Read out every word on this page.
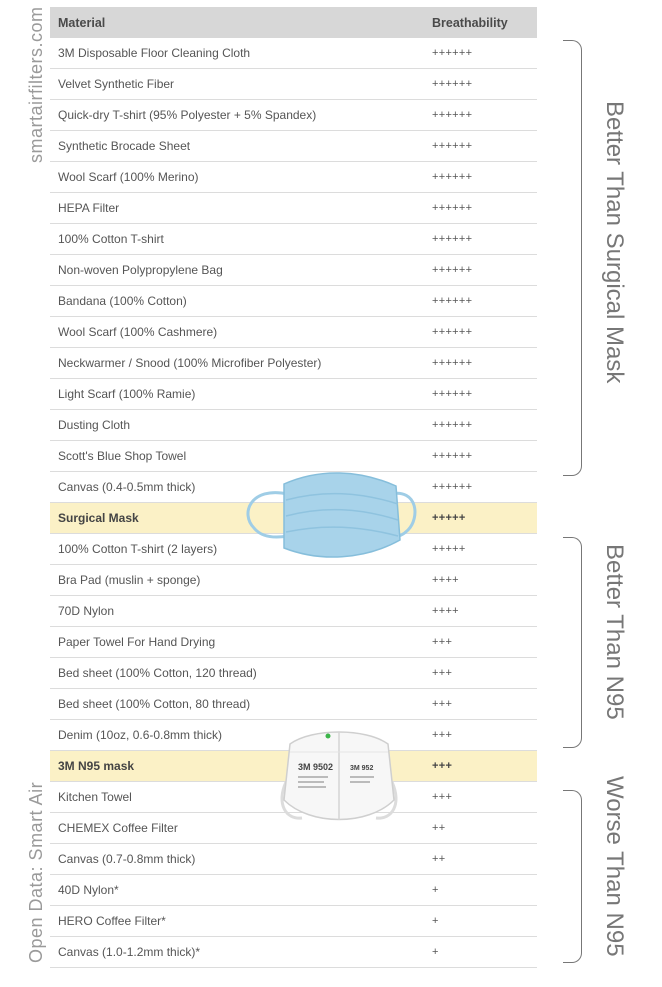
smartairfilters.com
Open Data: Smart Air
Material	Breathability
3M Disposable Floor Cleaning Cloth	++++++
Velvet Synthetic Fiber	++++++
Quick-dry T-shirt (95% Polyester + 5% Spandex)	++++++
Synthetic Brocade Sheet	++++++
Wool Scarf (100% Merino)	++++++
HEPA Filter	++++++
100% Cotton T-shirt	++++++
Non-woven Polypropylene Bag	++++++
Bandana (100% Cotton)	++++++
Wool Scarf (100% Cashmere)	++++++
Neckwarmer / Snood (100% Microfiber Polyester)	++++++
Light Scarf (100% Ramie)	++++++
Dusting Cloth	++++++
Scott's Blue Shop Towel	++++++
Canvas (0.4-0.5mm thick)	++++++
Surgical Mask	+++++
100% Cotton T-shirt (2 layers)	+++++
Bra Pad (muslin + sponge)	++++
70D Nylon	++++
Paper Towel For Hand Drying	+++
Bed sheet (100% Cotton, 120 thread)	+++
Bed sheet (100% Cotton, 80 thread)	+++
Denim (10oz, 0.6-0.8mm thick)	+++
3M N95 mask	+++
Kitchen Towel	+++
CHEMEX Coffee Filter	++
Canvas (0.7-0.8mm thick)	++
40D Nylon*	+
HERO Coffee Filter*	+
Canvas (1.0-1.2mm thick)*	+
Better Than Surgical Mask
Better Than N95
Worse Than N95
3M 9502 3M 952
